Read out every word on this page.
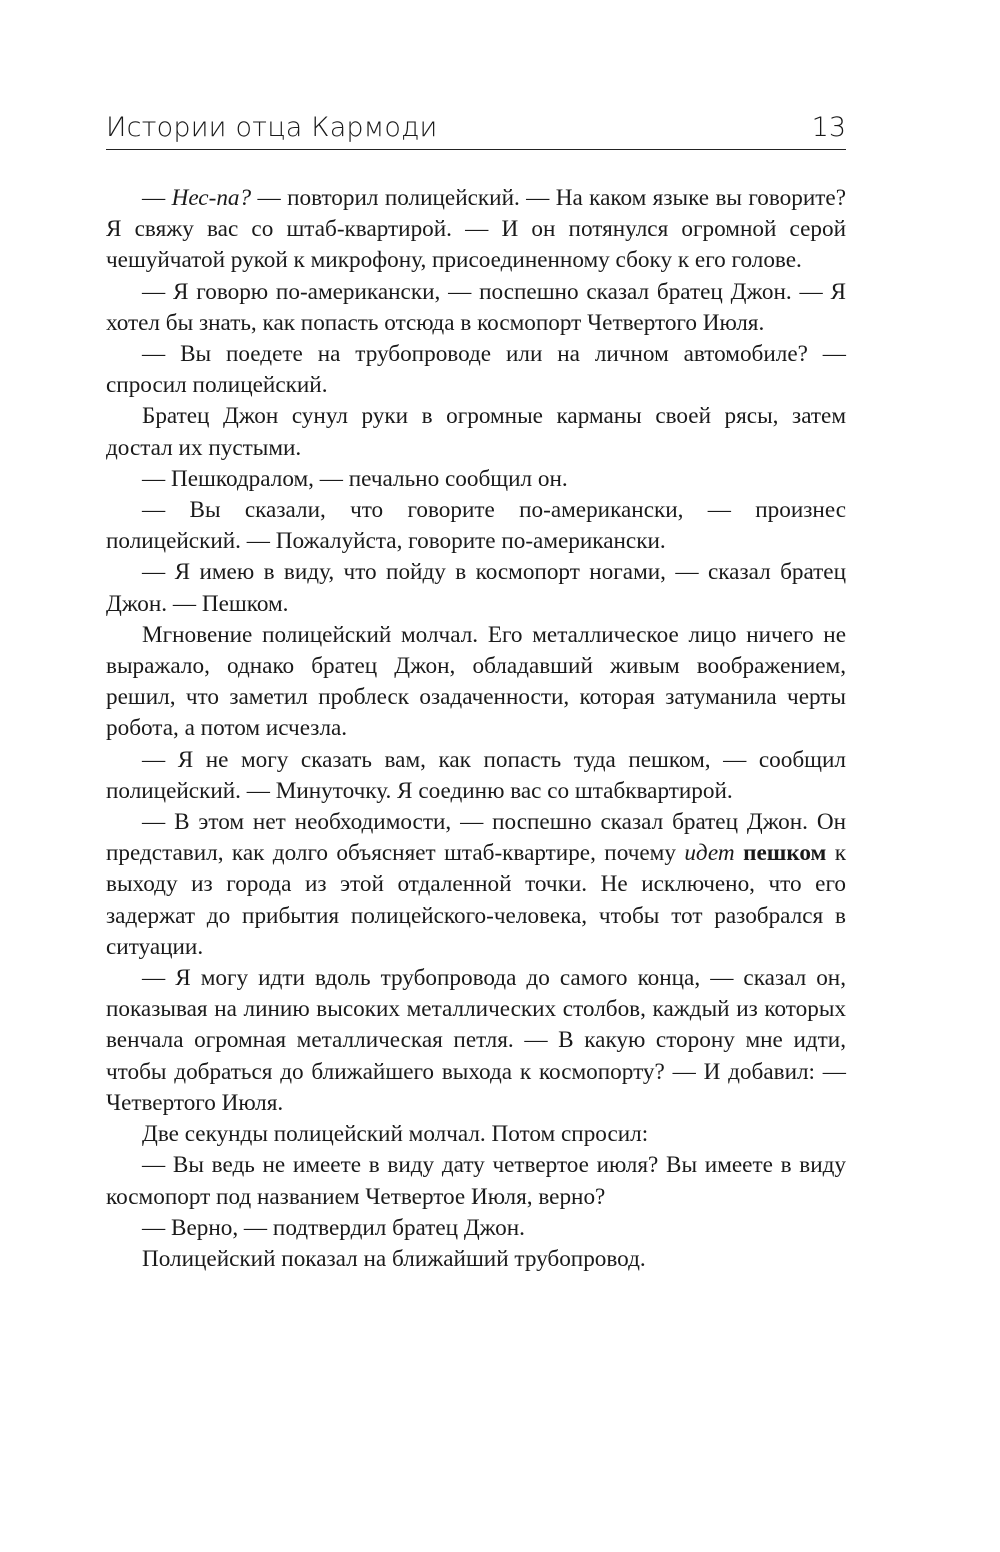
Истории отца Кармоди	13

— Нес-па? — повторил полицейский. — На каком языке вы говорите? Я свяжу вас со штаб-квартирой. — И он потянулся огромной серой чешуйчатой рукой к микрофону, присоединенному сбоку к его голове.

— Я говорю по-американски, — поспешно сказал братец Джон. — Я хотел бы знать, как попасть отсюда в космопорт Четвертого Июля.

— Вы поедете на трубопроводе или на личном автомобиле? — спросил полицейский.

Братец Джон сунул руки в огромные карманы своей рясы, затем достал их пустыми.

— Пешкодралом, — печально сообщил он.

— Вы сказали, что говорите по-американски, — произнес полицейский. — Пожалуйста, говорите по-американски.

— Я имею в виду, что пойду в космопорт ногами, — сказал братец Джон. — Пешком.

Мгновение полицейский молчал. Его металлическое лицо ничего не выражало, однако братец Джон, обладавший живым воображением, решил, что заметил проблеск озадаченности, которая затуманила черты робота, а потом исчезла.

— Я не могу сказать вам, как попасть туда пешком, — сообщил полицейский. — Минуточку. Я соединю вас со штабквартирой.

— В этом нет необходимости, — поспешно сказал братец Джон. Он представил, как долго объясняет штаб-квартире, почему идет пешком к выходу из города из этой отдаленной точки. Не исключено, что его задержат до прибытия полицейского-человека, чтобы тот разобрался в ситуации.

— Я могу идти вдоль трубопровода до самого конца, — сказал он, показывая на линию высоких металлических столбов, каждый из которых венчала огромная металлическая петля. — В какую сторону мне идти, чтобы добраться до ближайшего выхода к космопорту? — И добавил: — Четвертого Июля.

Две секунды полицейский молчал. Потом спросил:

— Вы ведь не имеете в виду дату четвертое июля? Вы имеете в виду космопорт под названием Четвертое Июля, верно?

— Верно, — подтвердил братец Джон.

Полицейский показал на ближайший трубопровод.
